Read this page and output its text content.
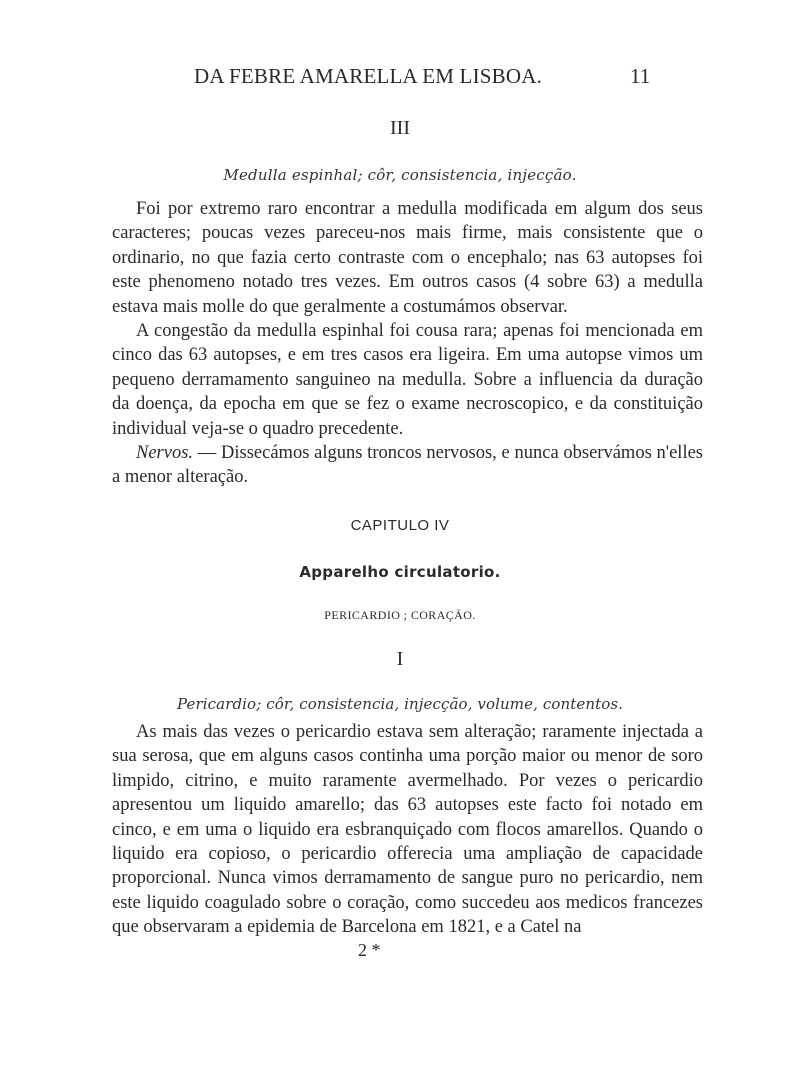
DA FEBRE AMARELLA EM LISBOA.	11
III
Medulla espinhal; côr, consistencia, injecção.

Foi por extremo raro encontrar a medulla modificada em algum dos seus caracteres; poucas vezes pareceu-nos mais firme, mais consistente que o ordinario, no que fazia certo contraste com o encephalo; nas 63 autopses foi este phenomeno notado tres vezes. Em outros casos (4 sobre 63) a medulla estava mais molle do que geralmente a costumámos observar.

A congestão da medulla espinhal foi cousa rara; apenas foi mencionada em cinco das 63 autopses, e em tres casos era ligeira. Em uma autopse vimos um pequeno derramamento sanguineo na medulla. Sobre a influencia da duração da doença, da epocha em que se fez o exame necroscopico, e da constituição individual veja-se o quadro precedente.

Nervos. — Dissecámos alguns troncos nervosos, e nunca observámos n'elles a menor alteração.

CAPITULO IV
Apparelho circulatorio.
PERICARDIO ; CORAÇÃO.
I
Pericardio; côr, consistencia, injecção, volume, contentos.

As mais das vezes o pericardio estava sem alteração; raramente injectada a sua serosa, que em alguns casos continha uma porção maior ou menor de soro limpido, citrino, e muito raramente avermelhado. Por vezes o pericardio apresentou um liquido amarello; das 63 autopses este facto foi notado em cinco, e em uma o liquido era esbranquiçado com flocos amarellos. Quando o liquido era copioso, o pericardio offerecia uma ampliação de capacidade proporcional. Nunca vimos derramamento de sangue puro no pericardio, nem este liquido coagulado sobre o coração, como succedeu aos medicos francezes que observaram a epidemia de Barcelona em 1821, e a Catel na

2 *
